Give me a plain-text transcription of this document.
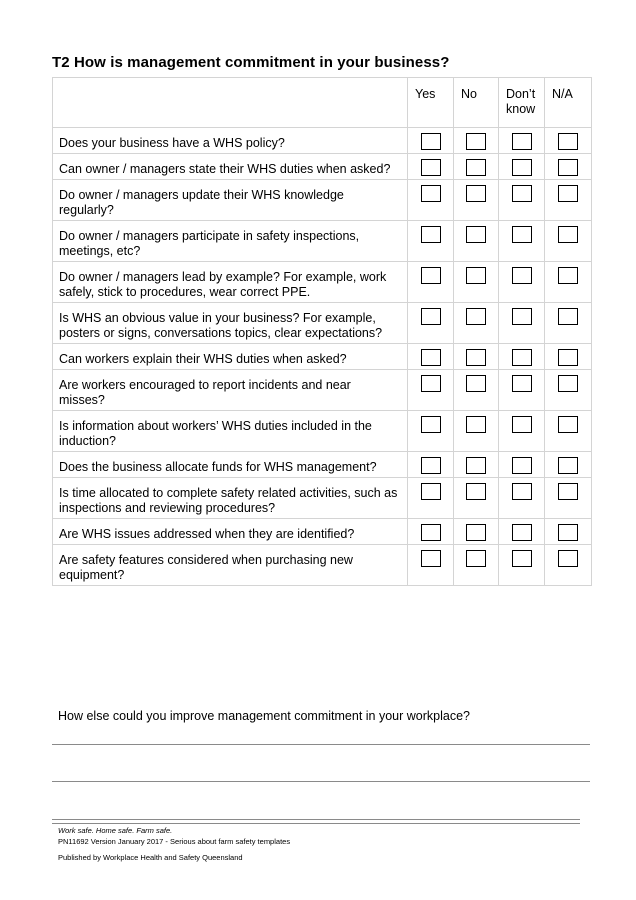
T2 How is management commitment in your business?
	Yes	No	Don’t know	N/A
Does your business have a WHS policy?				
Can owner / managers state their WHS duties when asked?				
Do owner / managers update their WHS knowledge regularly?				
Do owner / managers participate in safety inspections, meetings, etc?				
Do owner / managers lead by example? For example, work safely, stick to procedures, wear correct PPE.				
Is WHS an obvious value in your business? For example, posters or signs, conversations topics, clear expectations?				
Can workers explain their WHS duties when asked?				
Are workers encouraged to report incidents and near misses?				
Is information about workers’ WHS duties included in the induction?				
Does the business allocate funds for WHS management?				
Is time allocated to complete safety related activities, such as inspections and reviewing procedures?				
Are WHS issues addressed when they are identified?				
Are safety features considered when purchasing new equipment?				
How else could you improve management commitment in your workplace?
Work safe. Home safe. Farm safe.
PN11692 Version January 2017 - Serious about farm safety templates
Published by Workplace Health and Safety Queensland
